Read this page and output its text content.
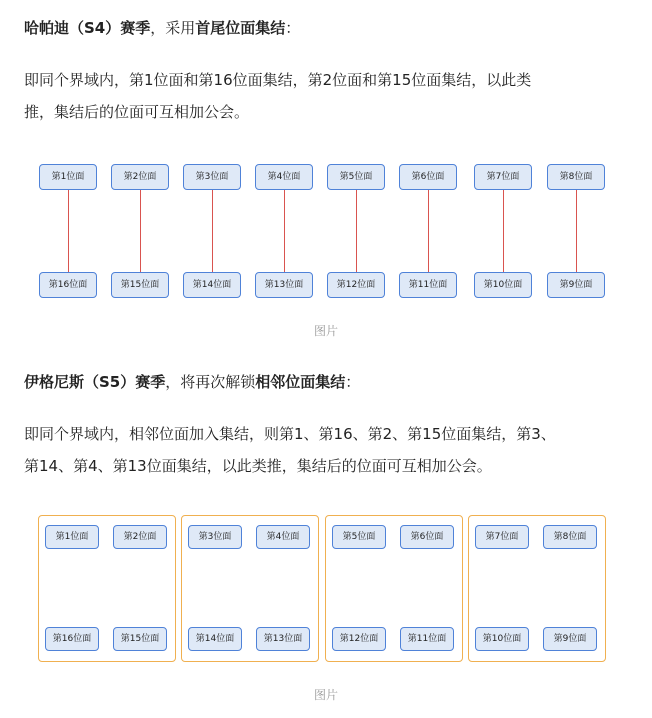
哈帕迪（S4）赛季，采用首尾位面集结：

即同个界域内，第1位面和第16位面集结，第2位面和第15位面集结，以此类
推，集结后的位面可互相加公会。

第1位面
第16位面
第2位面
第15位面
第3位面
第14位面
第4位面
第13位面
第5位面
第12位面
第6位面
第11位面
第7位面
第10位面
第8位面
第9位面
图片

伊格尼斯（S5）赛季，将再次解锁相邻位面集结：

即同个界域内，相邻位面加入集结，则第1、第16、第2、第15位面集结，第3、
第14、第4、第13位面集结，以此类推，集结后的位面可互相加公会。

第1位面	第2位面
第16位面	第15位面
第3位面	第4位面
第14位面	第13位面
第5位面	第6位面
第12位面	第11位面
第7位面	第8位面
第10位面	第9位面
图片
